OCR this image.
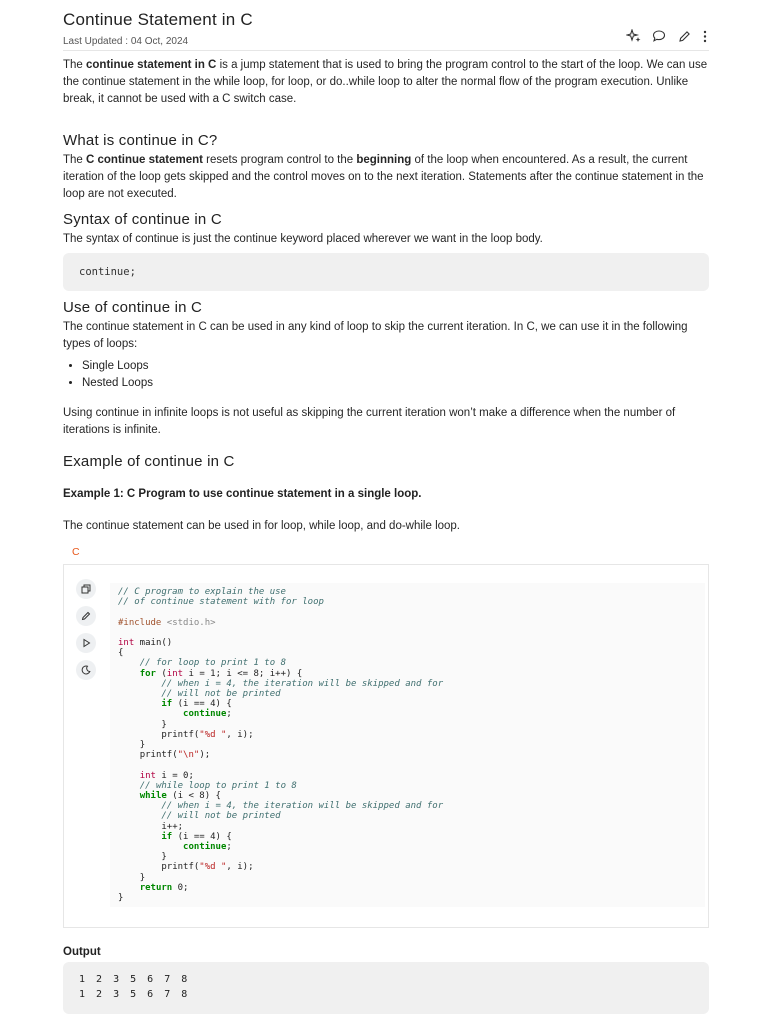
Continue Statement in C
Last Updated : 04 Oct, 2024

The continue statement in C is a jump statement that is used to bring the program control to the start of the loop. We can use the continue statement in the while loop, for loop, or do..while loop to alter the normal flow of the program execution. Unlike break, it cannot be used with a C switch case.

What is continue in C?

The C continue statement resets program control to the beginning of the loop when encountered. As a result, the current iteration of the loop gets skipped and the control moves on to the next iteration. Statements after the continue statement in the loop are not executed.

Syntax of continue in C

The syntax of continue is just the continue keyword placed wherever we want in the loop body.

continue;
Use of continue in C

The continue statement in C can be used in any kind of loop to skip the current iteration. In C, we can use it in the following types of loops:

• Single Loops
• Nested Loops

Using continue in infinite loops is not useful as skipping the current iteration won’t make a difference when the number of iterations is infinite.

Example of continue in C
Example 1: C Program to use continue statement in a single loop.

The continue statement can be used in for loop, while loop, and do-while loop.

C
// C program to explain the use
// of continue statement with for loop

#include <stdio.h>

int main()
{
// for loop to print 1 to 8
for (int i = 1; i <= 8; i++) {
// when i = 4, the iteration will be skipped and for
// will not be printed
if (i == 4) {
continue;
}
printf("%d ", i);
}
printf("\n");

int i = 0;
// while loop to print 1 to 8
while (i < 8) {
// when i = 4, the iteration will be skipped and for
// will not be printed
i++;
if (i == 4) {
continue;
}
printf("%d ", i);
}
return 0;
}
Output
1 2 3 5 6 7 8
1 2 3 5 6 7 8
